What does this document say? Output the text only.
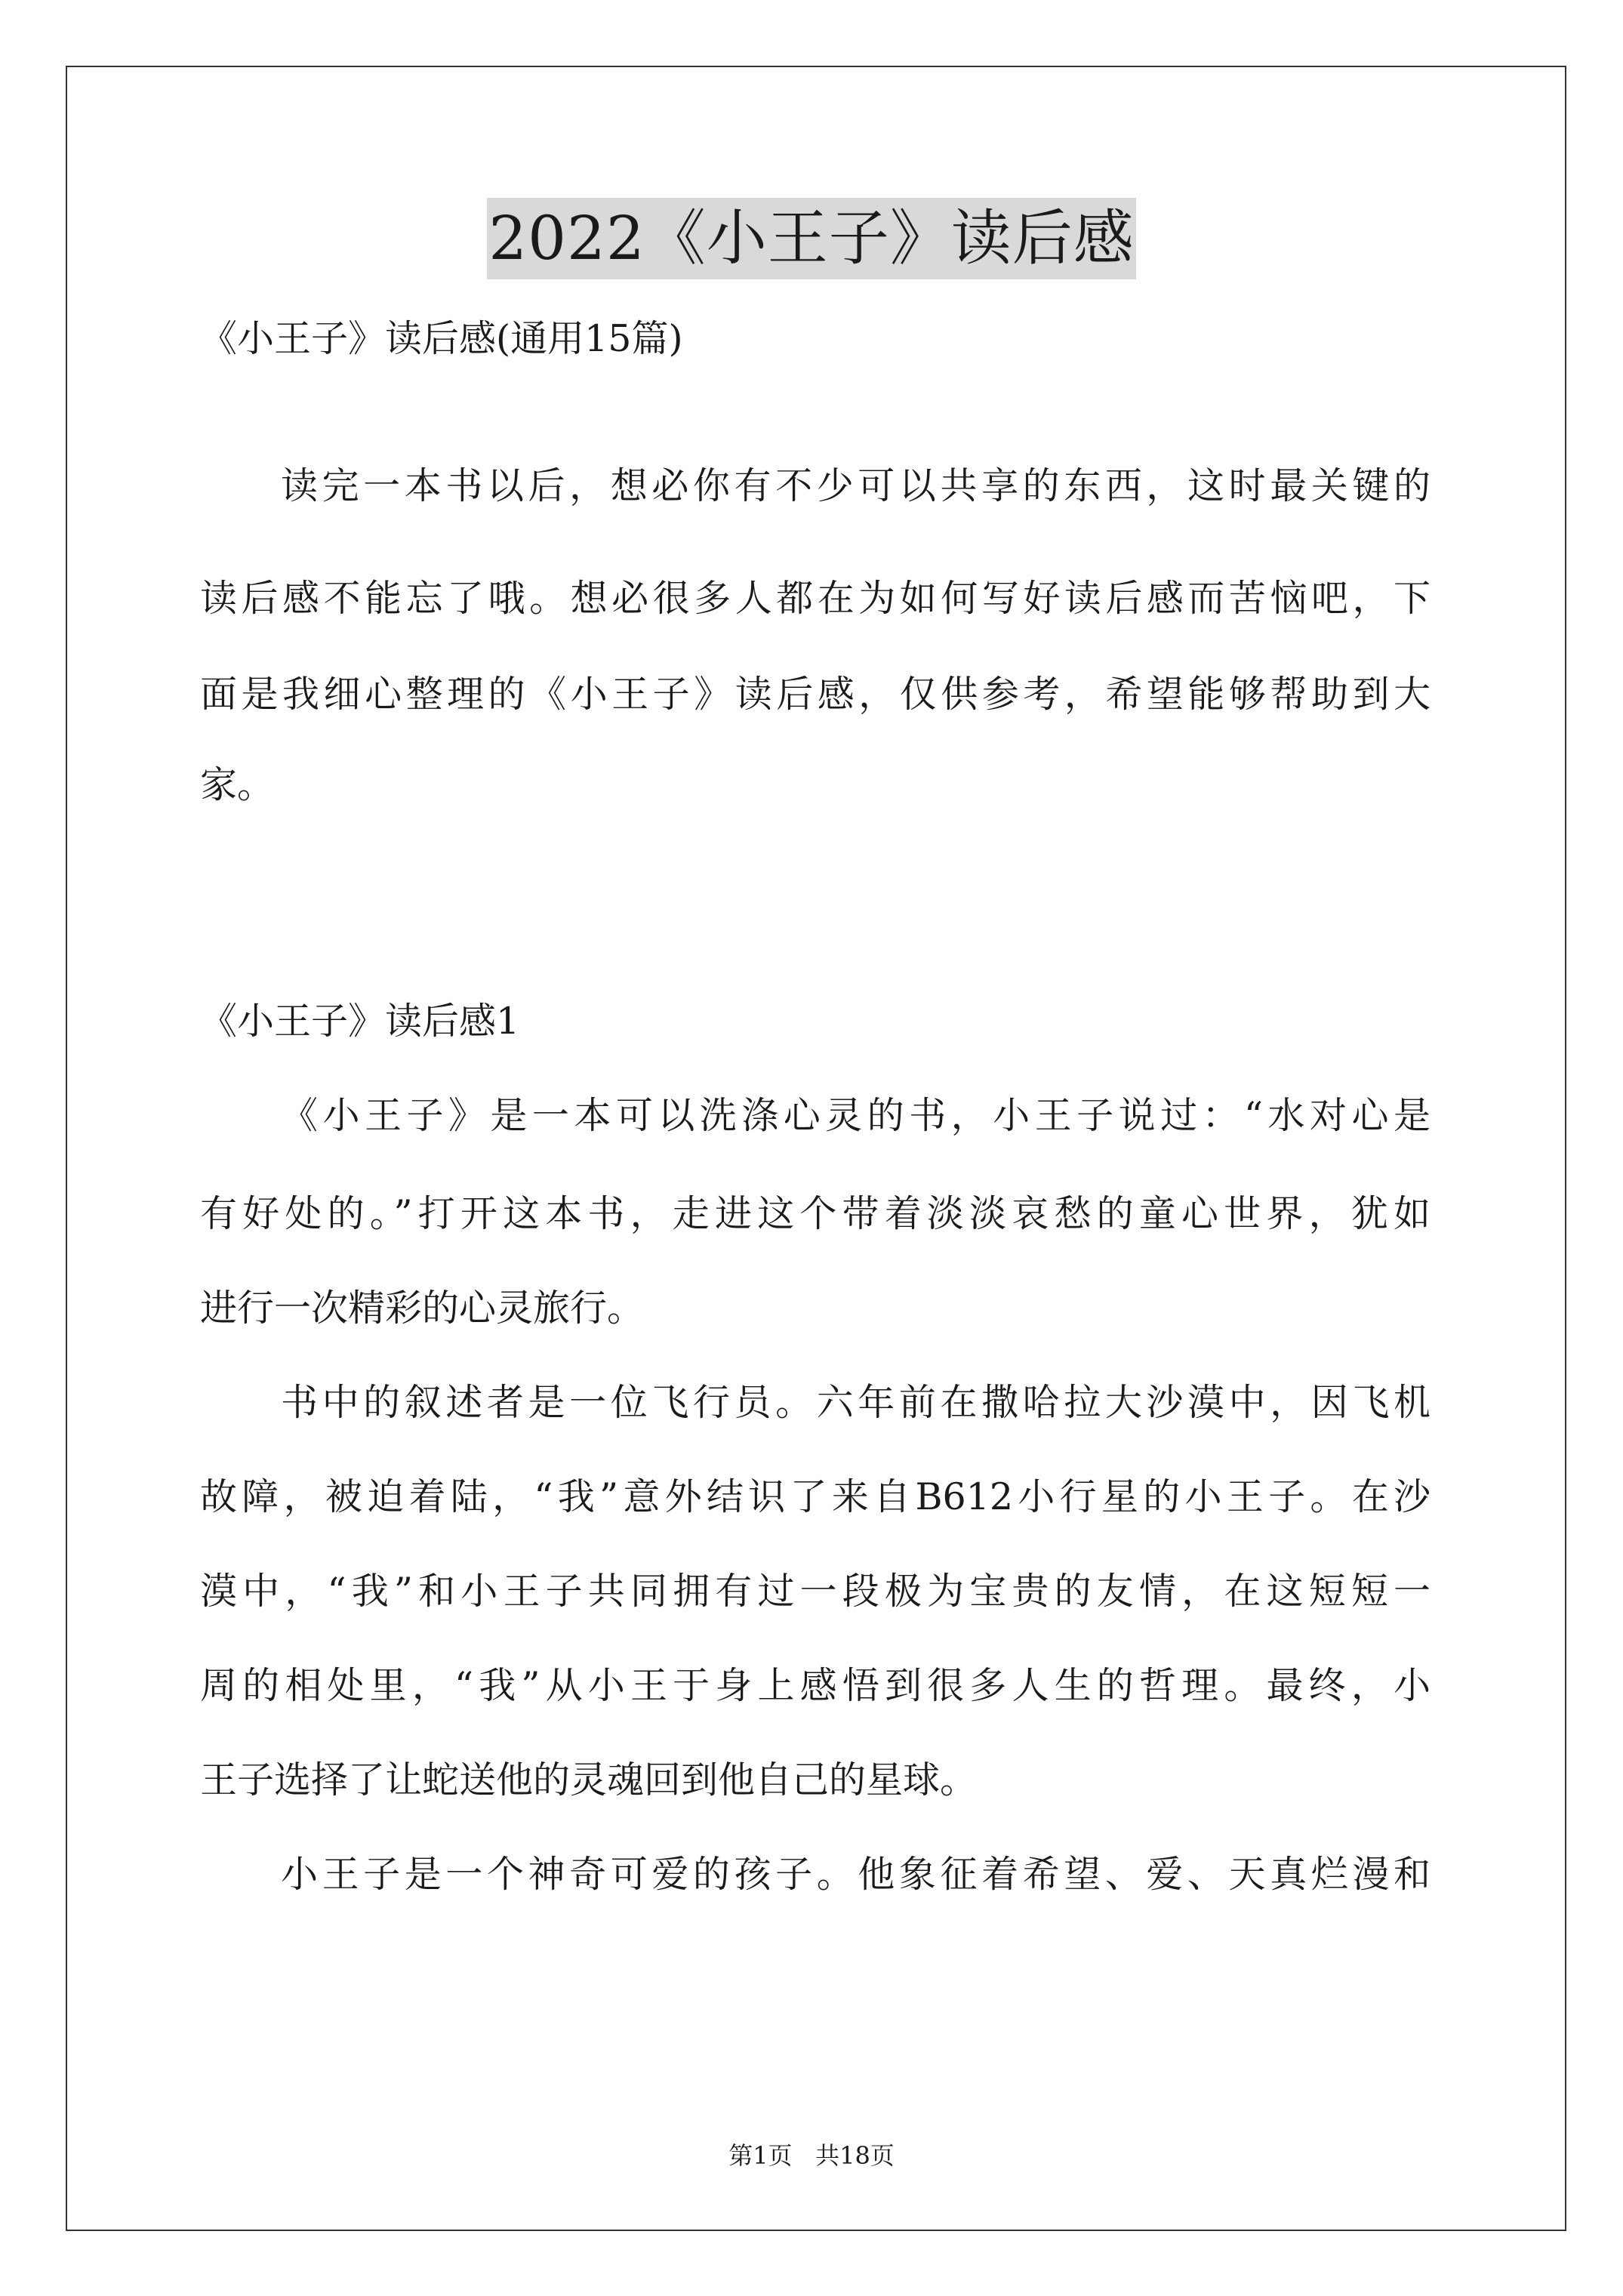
2022《小王子》读后感
《小王子》读后感(通用15篇)
读完一本书以后，想必你有不少可以共享的东西，这时最关键的
读后感不能忘了哦。想必很多人都在为如何写好读后感而苦恼吧，下
面是我细心整理的《小王子》读后感，仅供参考，希望能够帮助到大
家。
《小王子》读后感1
《小王子》是一本可以洗涤心灵的书，小王子说过：“水对心是
有好处的。”打开这本书，走进这个带着淡淡哀愁的童心世界，犹如
进行一次精彩的心灵旅行。
书中的叙述者是一位飞行员。六年前在撒哈拉大沙漠中，因飞机
故障，被迫着陆，“我”意外结识了来自B612小行星的小王子。在沙
漠中，“我”和小王子共同拥有过一段极为宝贵的友情，在这短短一
周的相处里，“我”从小王于身上感悟到很多人生的哲理。最终，小
王子选择了让蛇送他的灵魂回到他自己的星球。
小王子是一个神奇可爱的孩子。他象征着希望、爱、天真烂漫和
第1页 共18页
